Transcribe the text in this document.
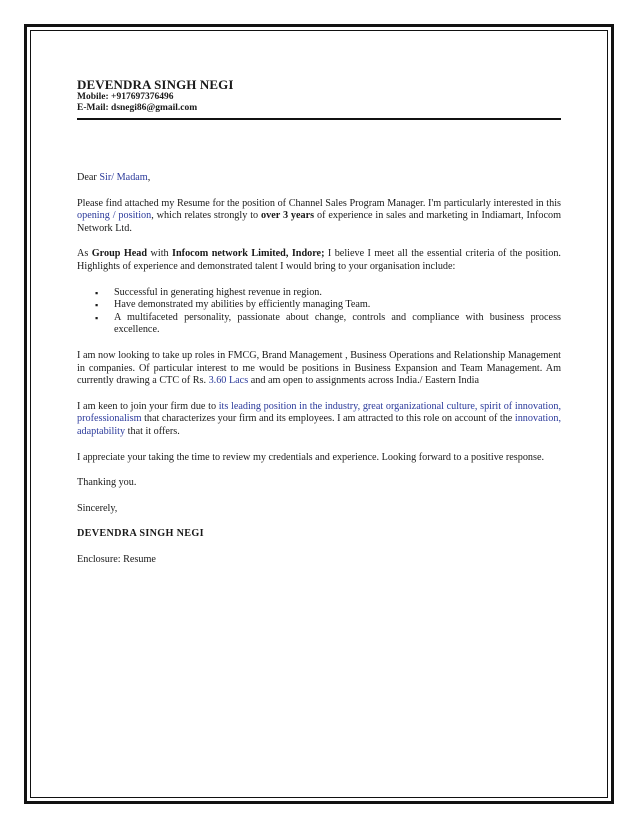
DEVENDRA SINGH NEGI
Mobile: +917697376496
E-Mail: dsnegi86@gmail.com

Dear Sir/ Madam,

Please find attached my Resume for the position of Channel Sales Program Manager. I'm particularly interested in this opening / position, which relates strongly to over 3 years of experience in sales and marketing in Indiamart, Infocom Network Ltd.

As Group Head with Infocom network Limited, Indore; I believe I meet all the essential criteria of the position. Highlights of experience and demonstrated talent I would bring to your organisation include:

▪ Successful in generating highest revenue in region.
▪ Have demonstrated my abilities by efficiently managing Team.
▪ A multifaceted personality, passionate about change, controls and compliance with business process excellence.

I am now looking to take up roles in FMCG, Brand Management , Business Operations and Relationship Management in companies. Of particular interest to me would be positions in Business Expansion and Team Management. Am currently drawing a CTC of Rs. 3.60 Lacs and am open to assignments across India./ Eastern India

I am keen to join your firm due to its leading position in the industry, great organizational culture, spirit of innovation, professionalism that characterizes your firm and its employees. I am attracted to this role on account of the innovation, adaptability that it offers.

I appreciate your taking the time to review my credentials and experience. Looking forward to a positive response.

Thanking you.

Sincerely,

DEVENDRA SINGH NEGI

Enclosure: Resume
